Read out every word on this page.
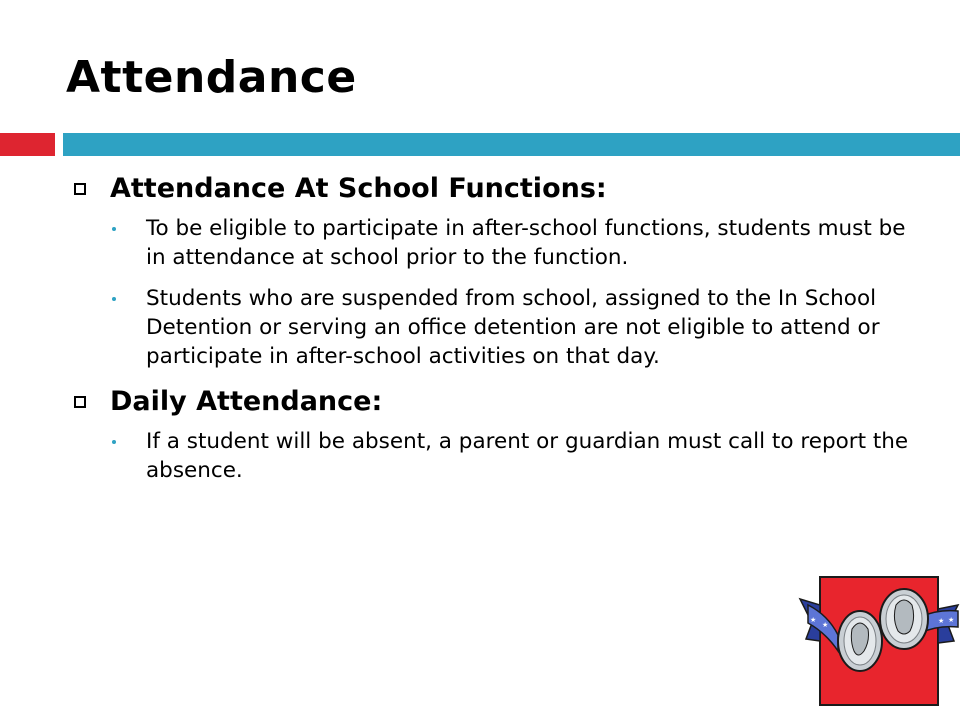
Attendance
Attendance At School Functions:
To be eligible to participate in after-school functions, students must be in attendance at school prior to the function.
Students who are suspended from school, assigned to the In School Detention or serving an office detention are not eligible to attend or participate in after-school activities on that day.
Daily Attendance:
If a student will be absent, a parent or guardian must call to report the absence.
★
★	★ ★
